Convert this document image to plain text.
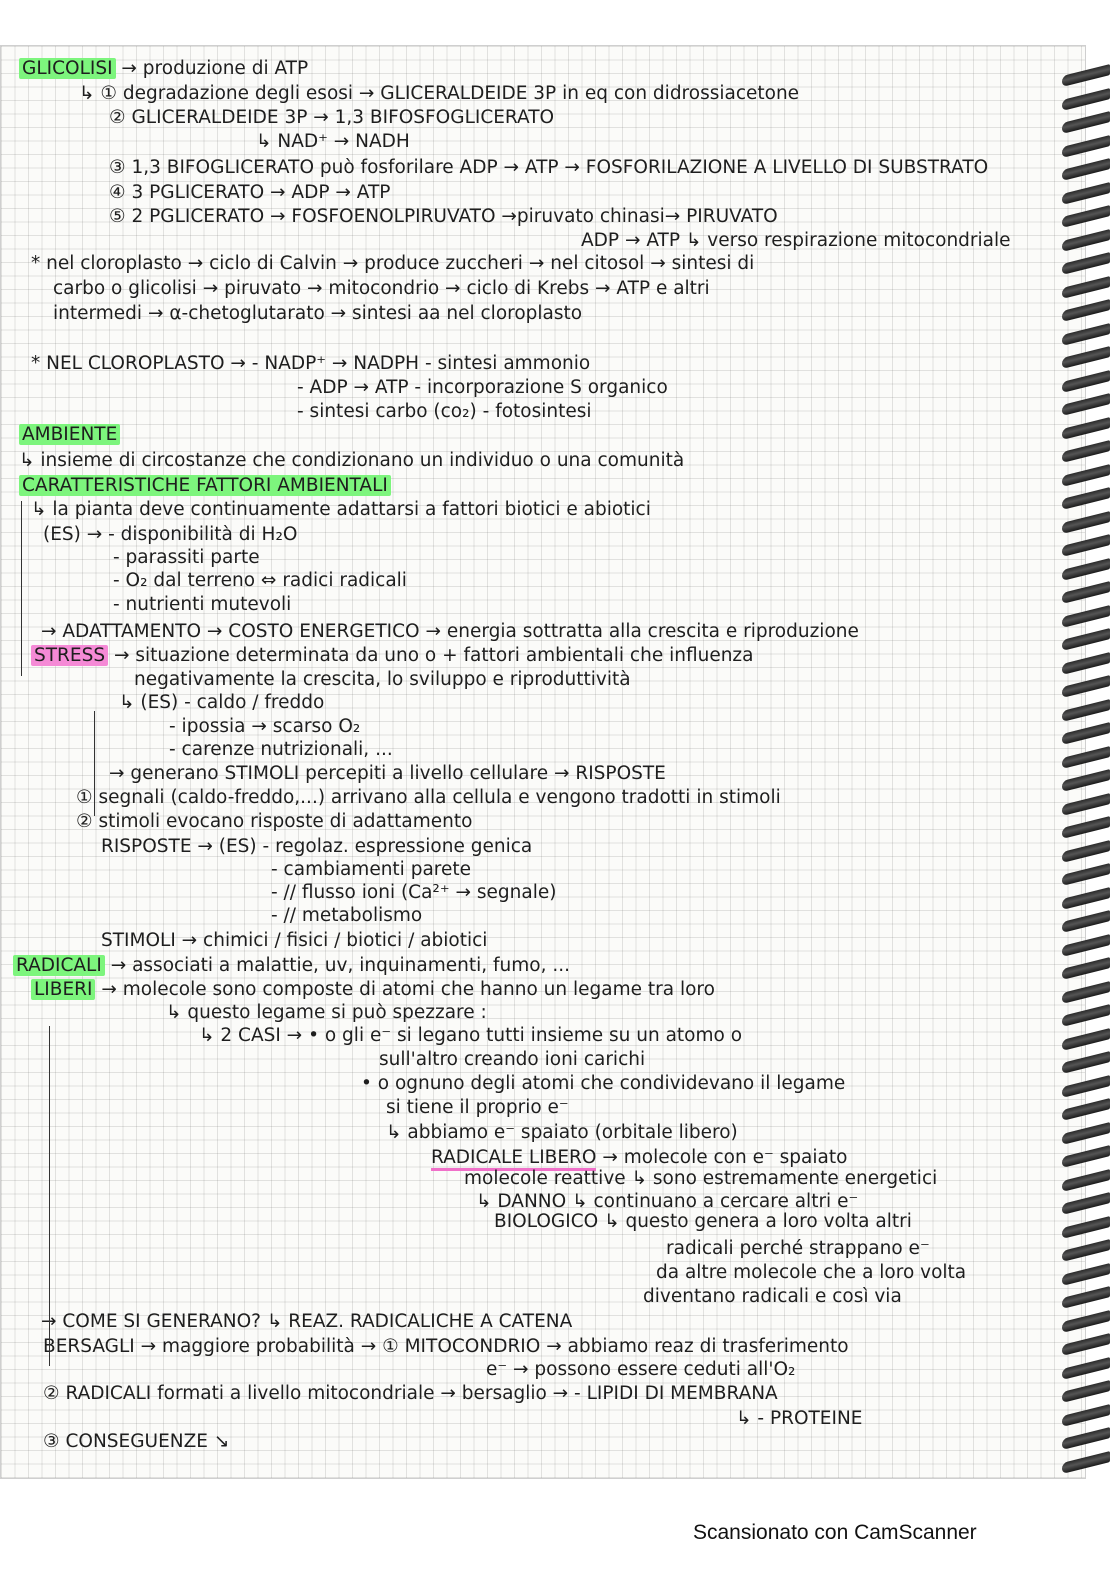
GLICOLISI → produzione di ATP
↳ ① degradazione degli esosi → GLICERALDEIDE 3P in eq con didrossiacetone
② GLICERALDEIDE 3P → 1,3 BIFOSFOGLICERATO
↳ NAD⁺ → NADH
③ 1,3 BIFOGLICERATO può fosforilare ADP → ATP → FOSFORILAZIONE A LIVELLO DI SUBSTRATO
④ 3 PGLICERATO → ADP → ATP
⑤ 2 PGLICERATO → FOSFOENOLPIRUVATO →piruvato chinasi→ PIRUVATO
ADP → ATP ↳ verso respirazione mitocondriale
* nel cloroplasto → ciclo di Calvin → produce zuccheri → nel citosol → sintesi di
carbo o glicolisi → piruvato → mitocondrio → ciclo di Krebs → ATP e altri
intermedi → α-chetoglutarato → sintesi aa nel cloroplasto
* NEL CLOROPLASTO → - NADP⁺ → NADPH - sintesi ammonio
- ADP → ATP - incorporazione S organico
- sintesi carbo (co₂) - fotosintesi
AMBIENTE
↳ insieme di circostanze che condizionano un individuo o una comunità
CARATTERISTICHE FATTORI AMBIENTALI
↳ la pianta deve continuamente adattarsi a fattori biotici e abiotici
(ES) → - disponibilità di H₂O
- parassiti parte
- O₂ dal terreno ⇔ radici radicali
- nutrienti mutevoli
→ ADATTAMENTO → COSTO ENERGETICO → energia sottratta alla crescita e riproduzione
STRESS → situazione determinata da uno o + fattori ambientali che influenza
negativamente la crescita, lo sviluppo e riproduttività
↳ (ES) - caldo / freddo
- ipossia → scarso O₂
- carenze nutrizionali, ...
→ generano STIMOLI percepiti a livello cellulare → RISPOSTE
① segnali (caldo-freddo,...) arrivano alla cellula e vengono tradotti in stimoli
② stimoli evocano risposte di adattamento
RISPOSTE → (ES) - regolaz. espressione genica
- cambiamenti parete
- // flusso ioni (Ca²⁺ → segnale)
- // metabolismo
STIMOLI → chimici / fisici / biotici / abiotici
RADICALI → associati a malattie, uv, inquinamenti, fumo, ...
LIBERI → molecole sono composte di atomi che hanno un legame tra loro
↳ questo legame si può spezzare :
↳ 2 CASI → • o gli e⁻ si legano tutti insieme su un atomo o
sull'altro creando ioni carichi
• o ognuno degli atomi che condividevano il legame
si tiene il proprio e⁻
↳ abbiamo e⁻ spaiato (orbitale libero)
RADICALE LIBERO → molecole con e⁻ spaiato
molecole reattive ↳ sono estremamente energetici
↳ DANNO ↳ continuano a cercare altri e⁻
BIOLOGICO ↳ questo genera a loro volta altri
radicali perché strappano e⁻
da altre molecole che a loro volta
diventano radicali e così via
→ COME SI GENERANO? ↳ REAZ. RADICALICHE A CATENA
BERSAGLI → maggiore probabilità → ① MITOCONDRIO → abbiamo reaz di trasferimento
e⁻ → possono essere ceduti all'O₂
② RADICALI formati a livello mitocondriale → bersaglio → - LIPIDI DI MEMBRANA
↳ - PROTEINE
③ CONSEGUENZE ↘
Scansionato con CamScanner
